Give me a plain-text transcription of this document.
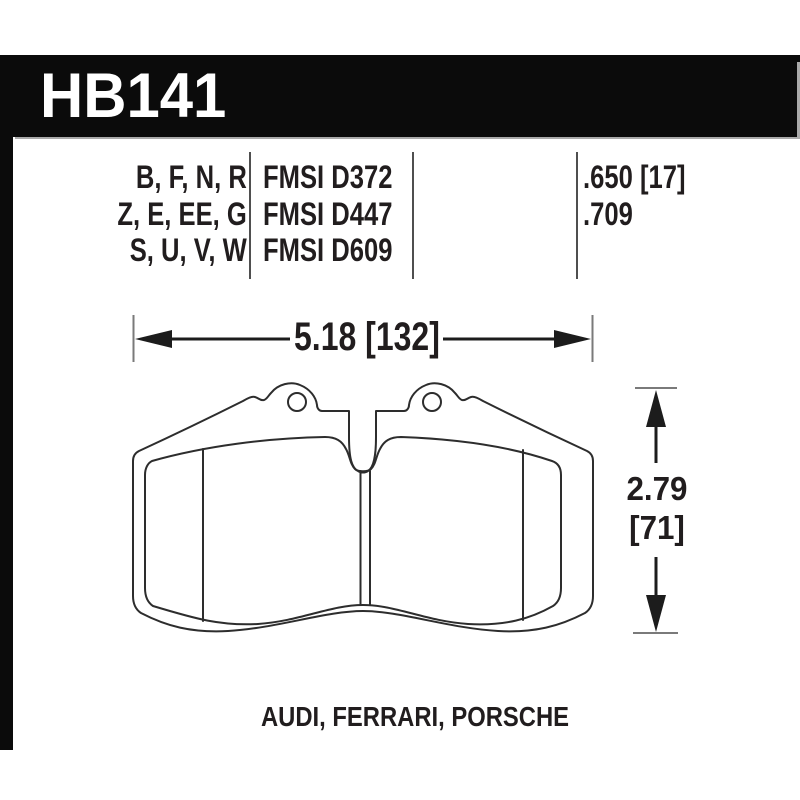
HB141
B, F, N, R
Z, E, EE, G
S, U, V, W
FMSI D372
FMSI D447
FMSI D609
.650 [17]
.709
5.18 [132]
2.79
[71]
AUDI, FERRARI, PORSCHE
